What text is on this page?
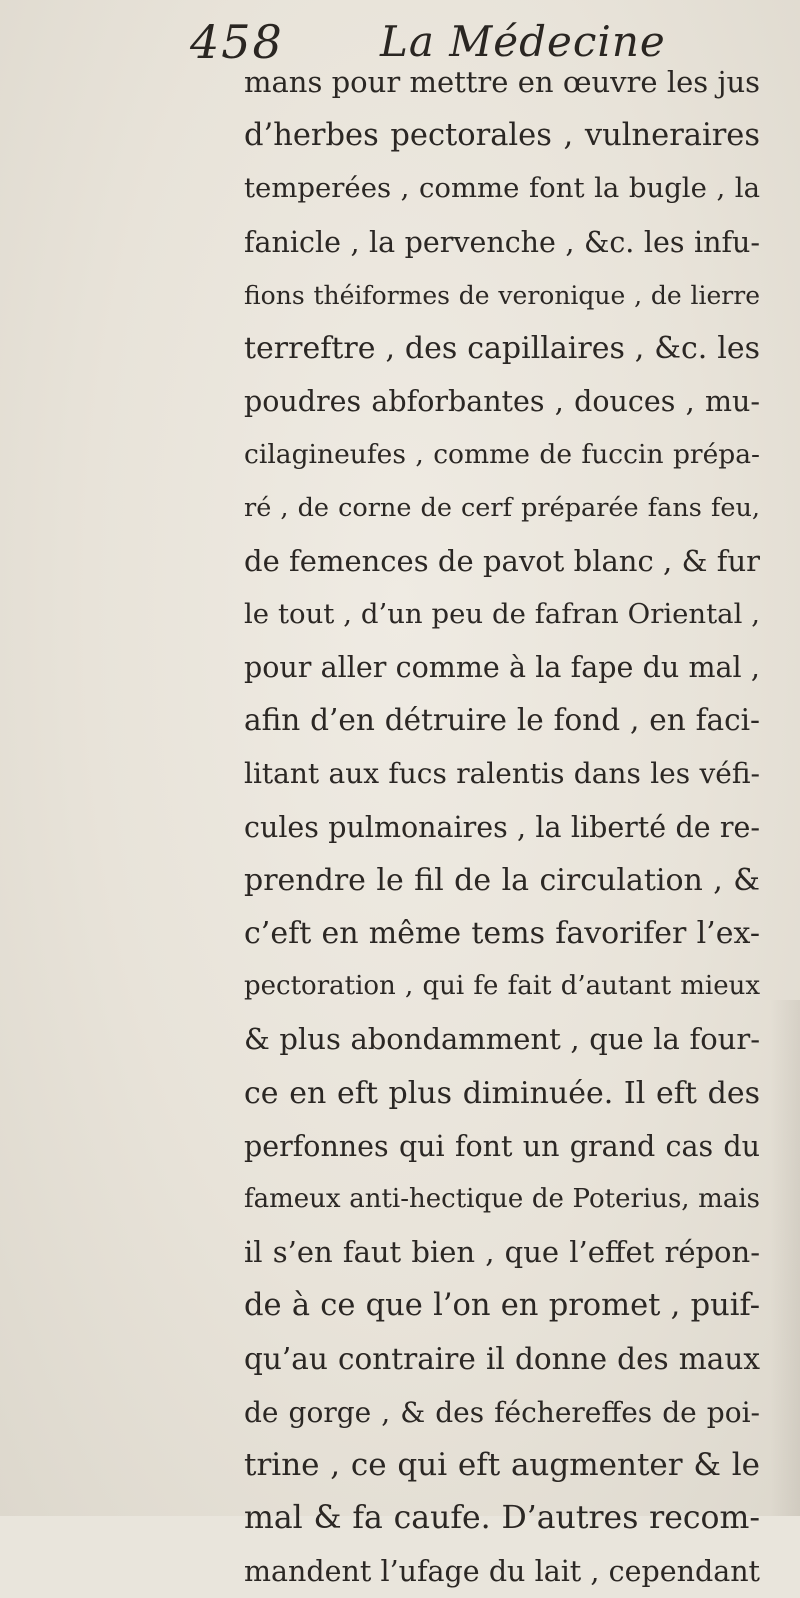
458 La Médecine
mans pour mettre en œuvre les jus
d’herbes pectorales , vulneraires
temperées , comme font la bugle , la
fanicle , la pervenche , &c. les infu-
fions théiformes de veronique , de lierre
terreftre , des capillaires , &c. les
poudres abforbantes , douces , mu-
cilagineufes , comme de fuccin prépa-
ré , de corne de cerf préparée fans feu,
de femences de pavot blanc , & fur
le tout , d’un peu de fafran Oriental ,
pour aller comme à la fape du mal ,
afin d’en détruire le fond , en faci-
litant aux fucs ralentis dans les véfi-
cules pulmonaires , la liberté de re-
prendre le fil de la circulation , &
c’eft en même tems favorifer l’ex-
pectoration , qui fe fait d’autant mieux
& plus abondamment , que la four-
ce en eft plus diminuée. Il eft des
perfonnes qui font un grand cas du
fameux anti-hectique de Poterius, mais
il s’en faut bien , que l’effet répon-
de à ce que l’on en promet , puif-
qu’au contraire il donne des maux
de gorge , & des féchereffes de poi-
trine , ce qui eft augmenter & le
mal & fa caufe. D’autres recom-
mandent l’ufage du lait , cependant
